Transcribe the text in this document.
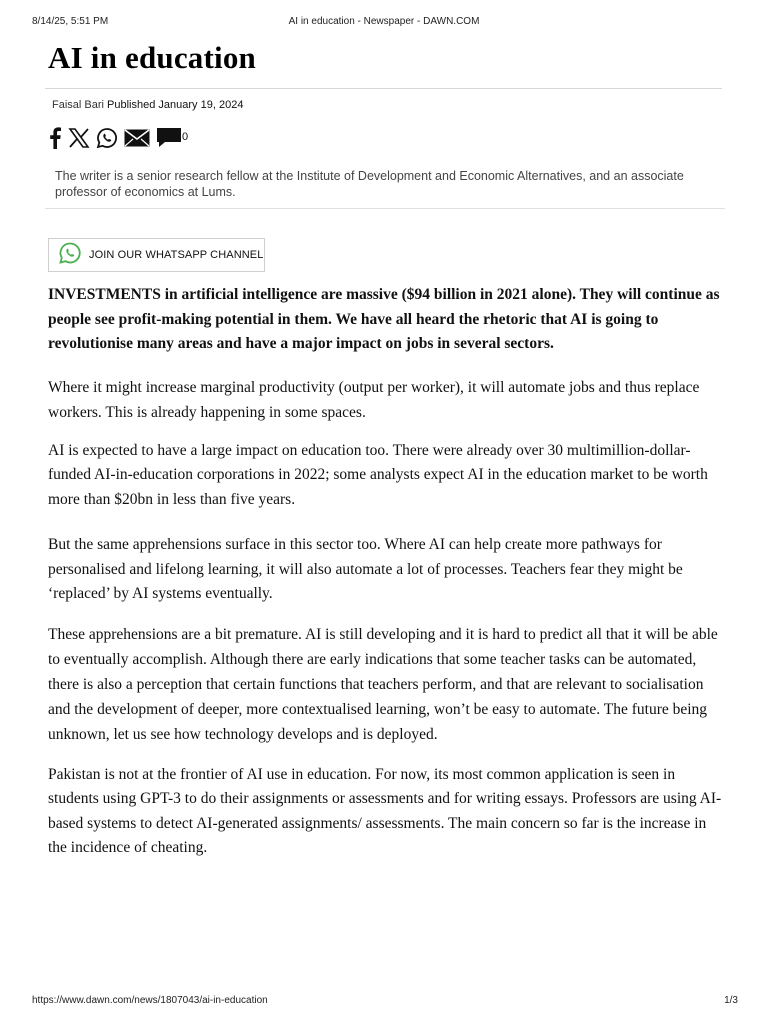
8/14/25, 5:51 PM	AI in education - Newspaper - DAWN.COM
AI in education
Faisal Bari Published January 19, 2024
0
The writer is a senior research fellow at the Institute of Development and Economic Alternatives, and an associate professor of economics at Lums.
JOIN OUR WHATSAPP CHANNEL

INVESTMENTS in artificial intelligence are massive ($94 billion in 2021 alone). They will continue as people see profit-making potential in them. We have all heard the rhetoric that AI is going to revolutionise many areas and have a major impact on jobs in several sectors.

Where it might increase marginal productivity (output per worker), it will automate jobs and thus replace workers. This is already happening in some spaces.

AI is expected to have a large impact on education too. There were already over 30 multimillion-dollar-funded AI-in-education corporations in 2022; some analysts expect AI in the education market to be worth more than $20bn in less than five years.

But the same apprehensions surface in this sector too. Where AI can help create more pathways for personalised and lifelong learning, it will also automate a lot of processes. Teachers fear they might be ‘replaced’ by AI systems eventually.

These apprehensions are a bit premature. AI is still developing and it is hard to predict all that it will be able to eventually accomplish. Although there are early indications that some teacher tasks can be automated, there is also a perception that certain functions that teachers perform, and that are relevant to socialisation and the development of deeper, more contextualised learning, won’t be easy to automate. The future being unknown, let us see how technology develops and is deployed.

Pakistan is not at the frontier of AI use in education. For now, its most common application is seen in students using GPT-3 to do their assignments or assessments and for writing essays. Professors are using AI-based systems to detect AI-generated assignments/ assessments. The main concern so far is the increase in the incidence of cheating.

https://www.dawn.com/news/1807043/ai-in-education	1/3
